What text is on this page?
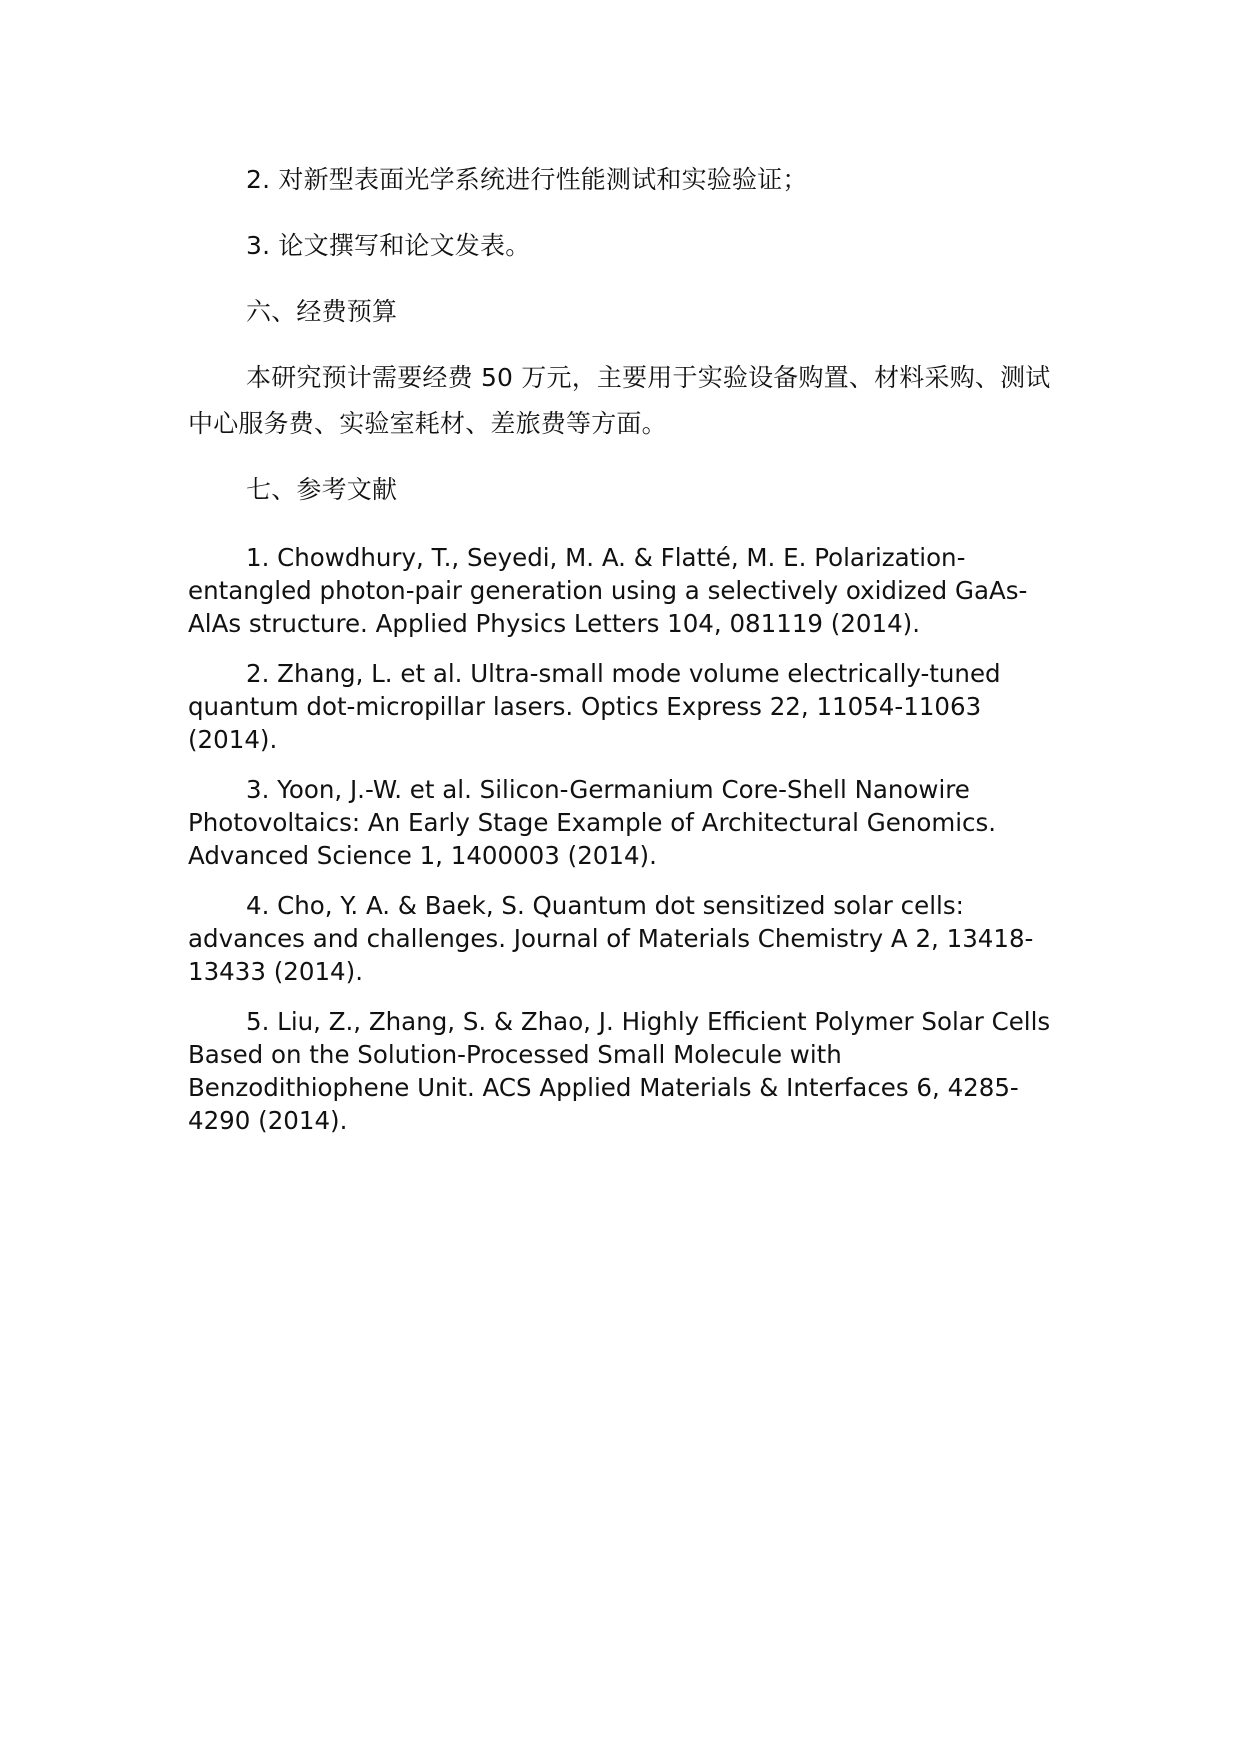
2. 对新型表面光学系统进行性能测试和实验验证；

3. 论文撰写和论文发表。

六、经费预算

本研究预计需要经费 50 万元，主要用于实验设备购置、材料采购、测试中心服务费、实验室耗材、差旅费等方面。

七、参考文献

1. Chowdhury, T., Seyedi, M. A. & Flatté, M. E. Polarization-entangled photon-pair generation using a selectively oxidized GaAs-AlAs structure. Applied Physics Letters 104, 081119 (2014).

2. Zhang, L. et al. Ultra-small mode volume electrically-tuned quantum dot-micropillar lasers. Optics Express 22, 11054-11063 (2014).

3. Yoon, J.-W. et al. Silicon-Germanium Core-Shell Nanowire Photovoltaics: An Early Stage Example of Architectural Genomics. Advanced Science 1, 1400003 (2014).

4. Cho, Y. A. & Baek, S. Quantum dot sensitized solar cells: advances and challenges. Journal of Materials Chemistry A 2, 13418-13433 (2014).

5. Liu, Z., Zhang, S. & Zhao, J. Highly Efficient Polymer Solar Cells Based on the Solution-Processed Small Molecule with Benzodithiophene Unit. ACS Applied Materials & Interfaces 6, 4285-4290 (2014).
